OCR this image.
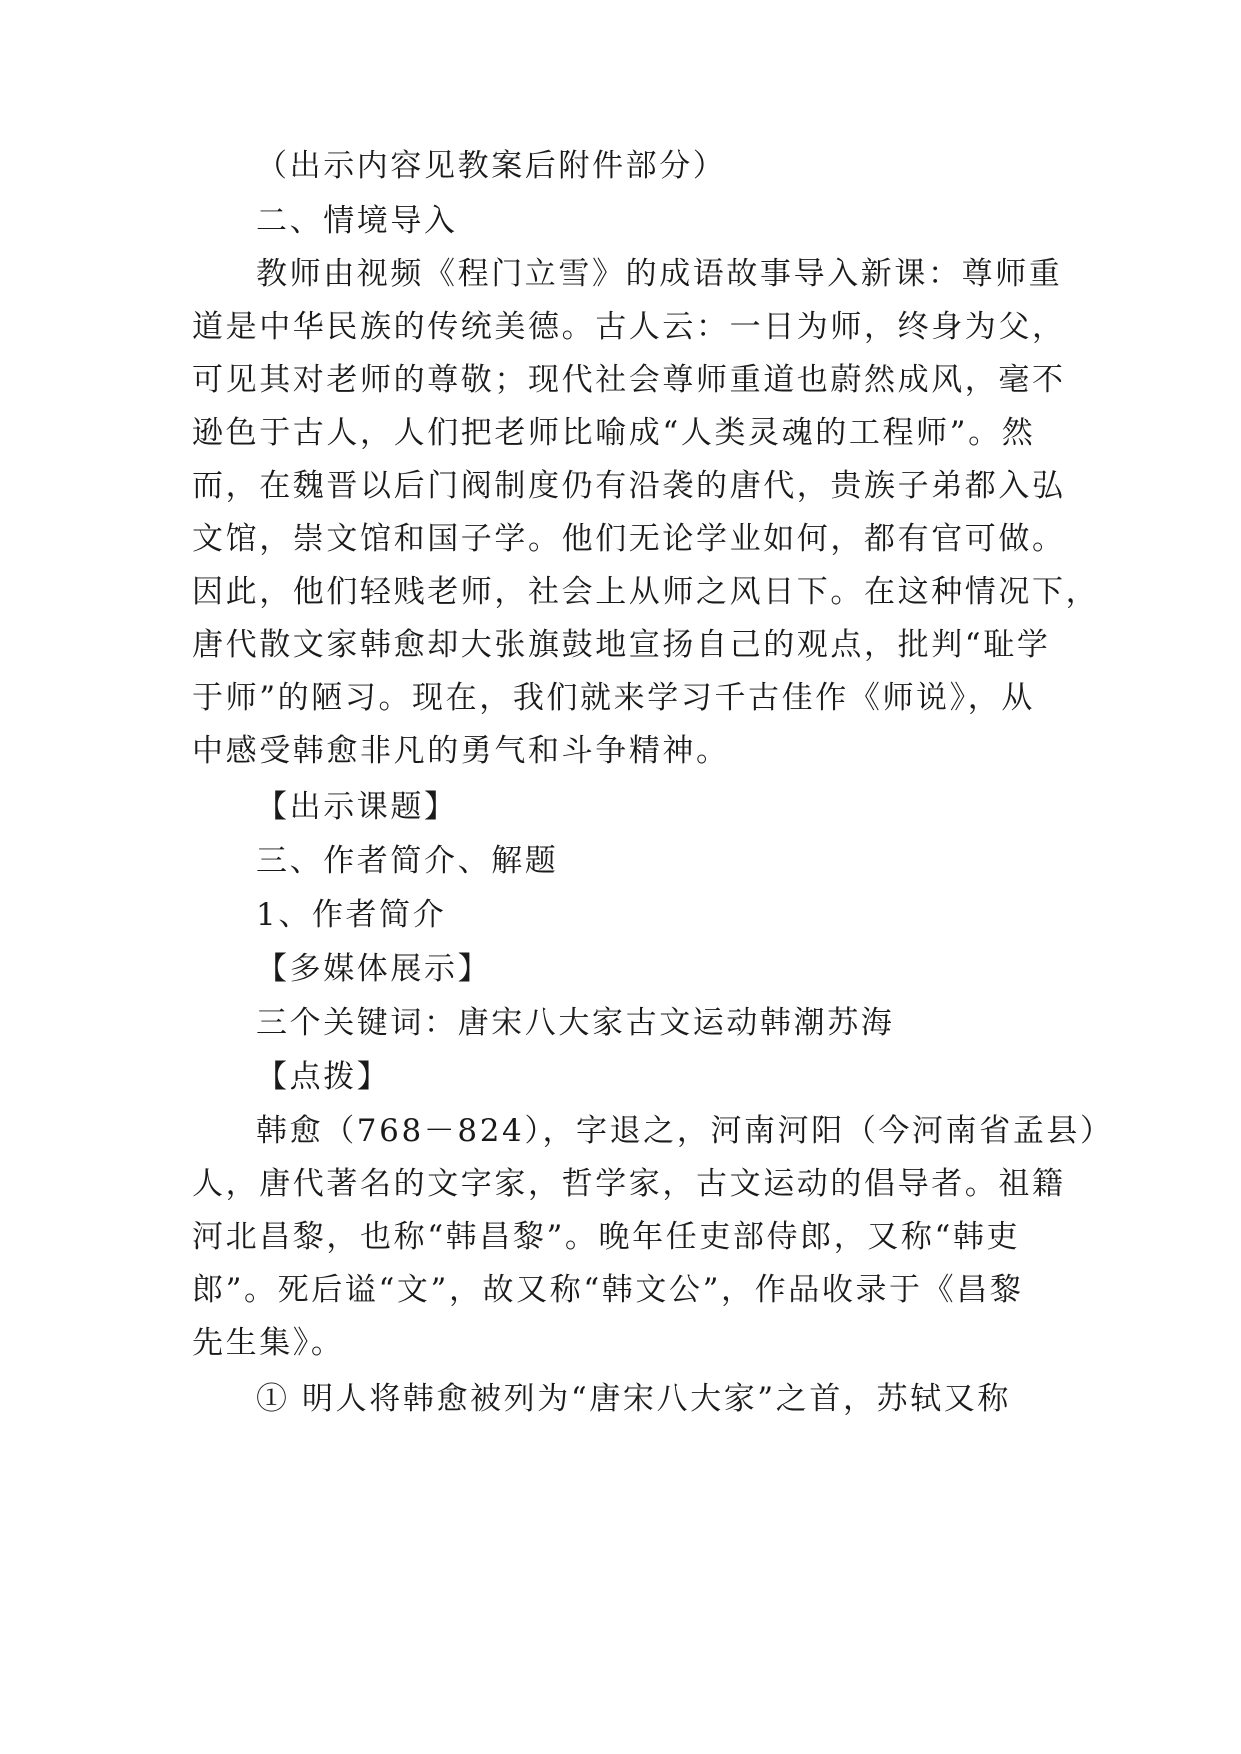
（出示内容见教案后附件部分）
二、情境导入
教师由视频《程门立雪》的成语故事导入新课：尊师重
道是中华民族的传统美德。古人云：一日为师，终身为父，
可见其对老师的尊敬；现代社会尊师重道也蔚然成风，毫不
逊色于古人，人们把老师比喻成“人类灵魂的工程师”。然
而，在魏晋以后门阀制度仍有沿袭的唐代，贵族子弟都入弘
文馆，崇文馆和国子学。他们无论学业如何，都有官可做。
因此，他们轻贱老师，社会上从师之风日下。在这种情况下，
唐代散文家韩愈却大张旗鼓地宣扬自己的观点，批判“耻学
于师”的陋习。现在，我们就来学习千古佳作《师说》，从
中感受韩愈非凡的勇气和斗争精神。
【出示课题】
三、作者简介、解题
1、作者简介
【多媒体展示】
三个关键词：唐宋八大家古文运动韩潮苏海
【点拨】
韩愈（768－824），字退之，河南河阳（今河南省孟县）
人，唐代著名的文字家，哲学家，古文运动的倡导者。祖籍
河北昌黎，也称“韩昌黎”。晚年任吏部侍郎，又称“韩吏
郎”。死后谥“文”，故又称“韩文公”，作品收录于《昌黎
先生集》。
① 明人将韩愈被列为“唐宋八大家”之首，苏轼又称
